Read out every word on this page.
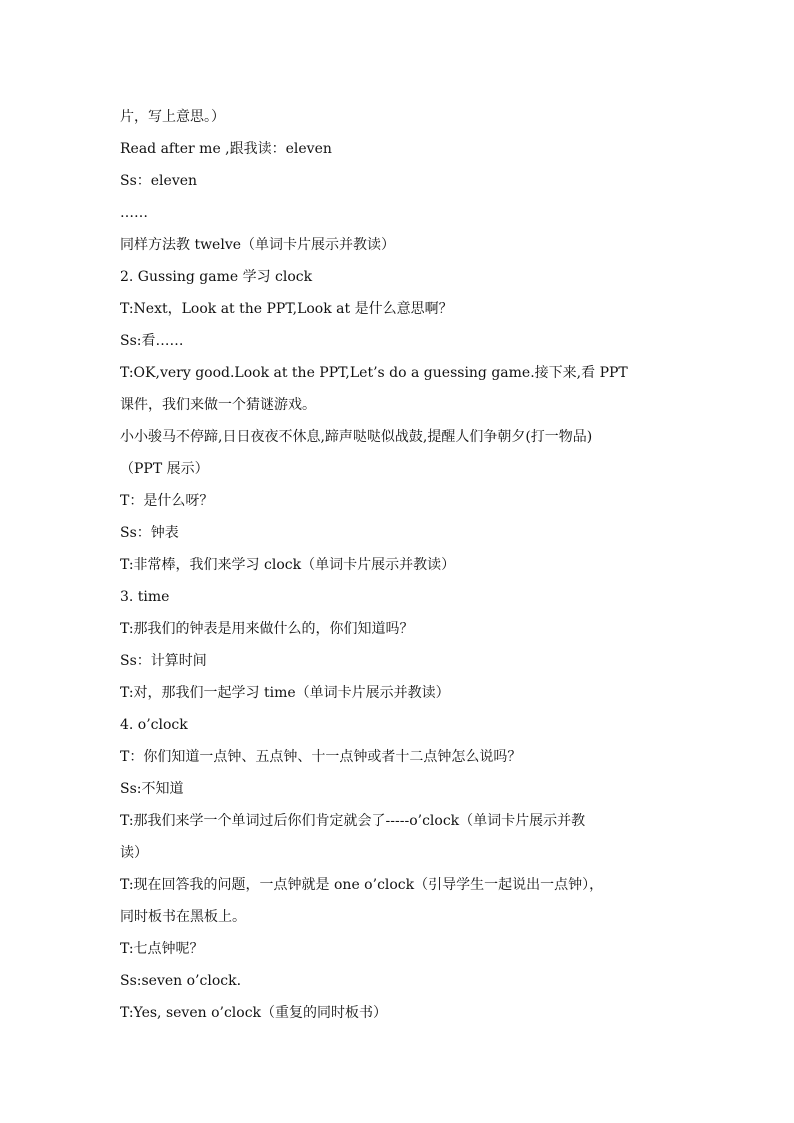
片，写上意思。）
Read after me ,跟我读：eleven
Ss：eleven
……
同样方法教 twelve（单词卡片展示并教读）
2. Gussing game 学习 clock
T:Next，Look at the PPT,Look at 是什么意思啊？
Ss:看……
T:OK,very good.Look at the PPT,Let’s do a guessing game.接下来,看 PPT
课件，我们来做一个猜谜游戏。
小小骏马不停蹄,日日夜夜不休息,蹄声哒哒似战鼓,提醒人们争朝夕(打一物品)
（PPT 展示）
T：是什么呀？
Ss：钟表
T:非常棒，我们来学习 clock（单词卡片展示并教读）
3. time
T:那我们的钟表是用来做什么的，你们知道吗？
Ss：计算时间
T:对，那我们一起学习 time（单词卡片展示并教读）
4. o’clock
T：你们知道一点钟、五点钟、十一点钟或者十二点钟怎么说吗？
Ss:不知道
T:那我们来学一个单词过后你们肯定就会了-----o’clock（单词卡片展示并教
读）
T:现在回答我的问题，一点钟就是 one o’clock（引导学生一起说出一点钟），
同时板书在黑板上。
T:七点钟呢？
Ss:seven o’clock.
T:Yes, seven o’clock（重复的同时板书）
